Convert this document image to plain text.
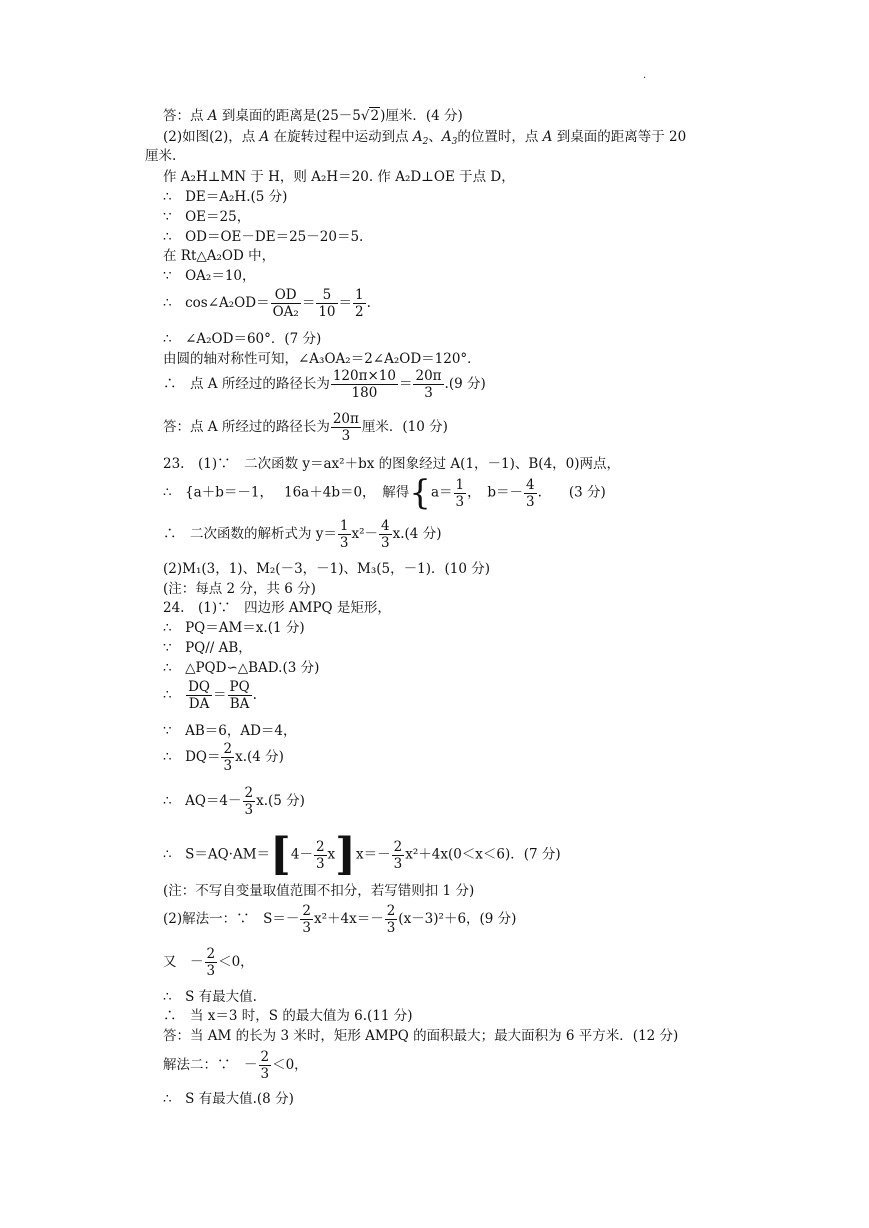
.
答：点 A 到桌面的距离是(25－5√2)厘米．(4 分)
(2)如图(2)，点 A 在旋转过程中运动到点 $A_2$、$A_3$的位置时，点 A 到桌面的距离等于 20
厘米.
作 A₂H⊥MN 于 H，则 A₂H＝20. 作 A₂D⊥OE 于点 D，
∴　DE＝A₂H.(5 分)
∵　OE＝25，
∴　OD＝OE－DE＝25－20＝5.
在 Rt△A₂OD 中，
∵　OA₂＝10，
∴　cos∠A₂OD＝ $\frac{OD}{\text{OA₂}} = \frac{5}{10} = \frac{1}{2}$ .
∴　∠A₂OD＝60°．(7 分)
由圆的轴对称性可知，∠A₃OA₂＝2∠A₂OD＝120°．
∴　点 A 所经过的路径长为 $\frac{120\pi\times 10}{180} = \frac{20\pi}{3} .(9$ 分)
答：点 A 所经过的路径长为 $\frac{20\pi}{3}$ 厘米．(10 分)
23.　(1)∵　二次函数 y＝ax²＋bx 的图象经过 A(1，－1)、B(4，0)两点，
∴　{a＋b＝－1，　 16a＋4b＝0，　解得{$a= \frac{1}{3}$ ，　$b=- \frac{4}{3}$ .　　(3 分)
∴　二次函数的解析式为 $y= \frac{1}{3} x^2- \frac{4}{3} x.(4$ 分)
(2)M₁(3，1)、M₂(－3，－1)、M₃(5，－1)．(10 分)
(注：每点 2 分，共 6 分)
24.　(1)∵　四边形 AMPQ 是矩形，
∴　PQ＝AM＝x.(1 分)
∵　PQ// AB，
∴　△PQD∽△BAD.(3 分)
∴　 $\frac{DQ}{DA} = \frac{PQ}{BA}$ .
∵　AB＝6，AD＝4，
∴　$DQ= \frac{2}{3} x.(4$ 分)
∴　$AQ=4- \frac{2}{3} x.(5$ 分)
∴　$S=AQ\cdot AM=[4- \frac{2}{3} x]x=- \frac{2}{3} x^2+4x(0<x<6)$．(7 分)
(注：不写自变量取值范围不扣分，若写错则扣 1 分)
(2)解法一：∵　$S=- \frac{2}{3} x^2+4x=- \frac{2}{3} (x-3)^2+6$，(9 分)
又　－ $\frac{2}{3} <0$，
∴　S 有最大值.
∴　当 x＝3 时，S 的最大值为 6.(11 分)
答：当 AM 的长为 3 米时，矩形 AMPQ 的面积最大；最大面积为 6 平方米．(12 分)
解法二：∵　－ $\frac{2}{3} <0$，
∴　S 有最大值.(8 分)
